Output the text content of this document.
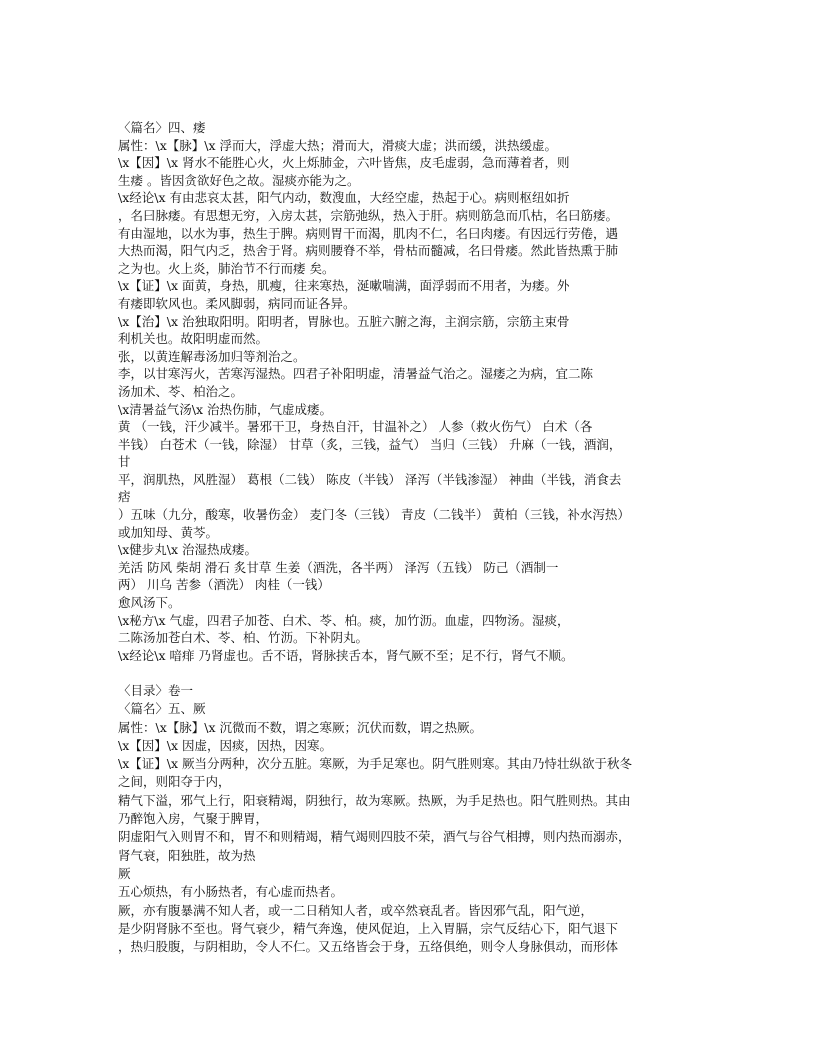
〈篇名〉四、痿
属性：\x【脉】\x 浮而大，浮虚大热；滑而大，滑痰大虚；洪而缓，洪热缓虚。
\x【因】\x 肾水不能胜心火，火上烁肺金，六叶皆焦，皮毛虚弱，急而薄着者，则
生痿 。皆因贪欲好色之故。湿痰亦能为之。
\x经论\x 有由悲哀太甚，阳气内动，数溲血，大经空虚，热起于心。病则枢纽如折
，名曰脉痿。有思想无穷，入房太甚，宗筋弛纵，热入于肝。病则筋急而爪枯，名曰筋痿。
有由湿地，以水为事，热生于脾。病则胃干而渴，肌肉不仁，名曰肉痿。有因远行劳倦，遇
大热而渴，阳气内乏，热舍于肾。病则腰脊不举，骨枯而髓减，名曰骨痿。然此皆热熏于肺
之为也。火上炎，肺治节不行而痿 矣。
\x【证】\x 面黄，身热，肌瘦，往来寒热，涎嗽喘满，面浮弱而不用者，为痿。外
有痿即软风也。柔风脚弱，病同而证各异。
\x【治】\x 治独取阳明。阳明者，胃脉也。五脏六腑之海，主润宗筋，宗筋主束骨
利机关也。故阳明虚而然。
张，以黄连解毒汤加归等剂治之。
李，以甘寒泻火，苦寒泻湿热。四君子补阳明虚，清暑益气治之。湿痿之为病，宜二陈
汤加术、苓、柏治之。
\x清暑益气汤\x 治热伤肺，气虚成痿。
黄 （一钱，汗少减半。暑邪干卫，身热自汗，甘温补之） 人参（救火伤气） 白术（各
半钱） 白苍术（一钱，除湿） 甘草（炙，三钱，益气） 当归（三钱） 升麻（一钱，酒润，
甘
平，润肌热，风胜湿） 葛根（二钱） 陈皮（半钱） 泽泻（半钱渗湿） 神曲（半钱，消食去
痞
）五味（九分，酸寒，收暑伤金） 麦门冬（三钱） 青皮（二钱半） 黄柏（三钱，补水泻热）
或加知母、黄芩。
\x健步丸\x 治湿热成痿。
羌活 防风 柴胡 滑石 炙甘草 生姜（酒洗，各半两） 泽泻（五钱） 防己（酒制一
两） 川乌 苦参（酒洗） 肉桂（一钱）
愈风汤下。
\x秘方\x 气虚，四君子加苍、白术、苓、柏。痰，加竹沥。血虚，四物汤。湿痰，
二陈汤加苍白术、苓、柏、竹沥。下补阴丸。
\x经论\x 喑痱 乃肾虚也。舌不语，肾脉挟舌本，肾气厥不至；足不行，肾气不顺。
〈目录〉卷一
〈篇名〉五、厥
属性：\x【脉】\x 沉微而不数，谓之寒厥；沉伏而数，谓之热厥。
\x【因】\x 因虚，因痰，因热，因寒。
\x【证】\x 厥当分两种，次分五脏。寒厥，为手足寒也。阴气胜则寒。其由乃恃壮纵欲于秋冬
之间，则阳夺于内，
精气下溢，邪气上行，阳衰精竭，阴独行，故为寒厥。热厥，为手足热也。阳气胜则热。其由
乃醉饱入房，气聚于脾胃，
阴虚阳气入则胃不和，胃不和则精竭，精气竭则四肢不荣，酒气与谷气相搏，则内热而溺赤，
肾气衰，阳独胜，故为热
厥
五心烦热，有小肠热者，有心虚而热者。
厥，亦有腹暴满不知人者，或一二日稍知人者，或卒然衰乱者。皆因邪气乱，阳气逆，
是少阴肾脉不至也。肾气衰少，精气奔逸，使风促迫，上入胃膈，宗气反结心下，阳气退下
，热归股腹，与阴相助，令人不仁。又五络皆会于身，五络俱绝，则令人身脉俱动，而形体
